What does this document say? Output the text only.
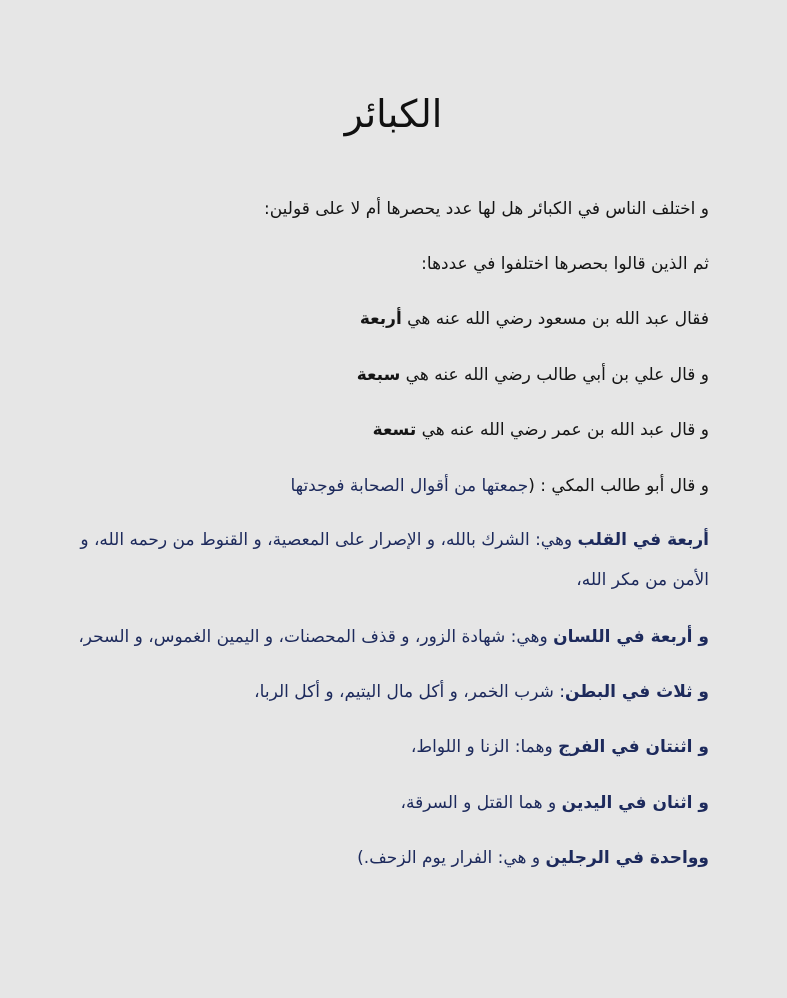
الكبائر

و اختلف الناس في الكبائر هل لها عدد يحصرها أم لا على قولين:

ثم الذين قالوا بحصرها اختلفوا في عددها:

فقال عبد الله بن مسعود رضي الله عنه هي أربعة

و قال علي بن أبي طالب رضي الله عنه هي سبعة

و قال عبد الله بن عمر رضي الله عنه هي تسعة

و قال أبو طالب المكي : (جمعتها من أقوال الصحابة فوجدتها

أربعة في القلب وهي: الشرك بالله، و الإصرار على المعصية، و القنوط من رحمه الله، و الأمن من مكر الله،

و أربعة في اللسان وهي: شهادة الزور، و قذف المحصنات، و اليمين الغموس، و السحر،

و ثلاث في البطن: شرب الخمر، و أكل مال اليتيم، و أكل الربا،

و اثنتان في الفرج وهما: الزنا و اللواط،

و اثنان في اليدين و هما القتل و السرقة،

وواحدة في الرجلين و هي: الفرار يوم الزحف.)
